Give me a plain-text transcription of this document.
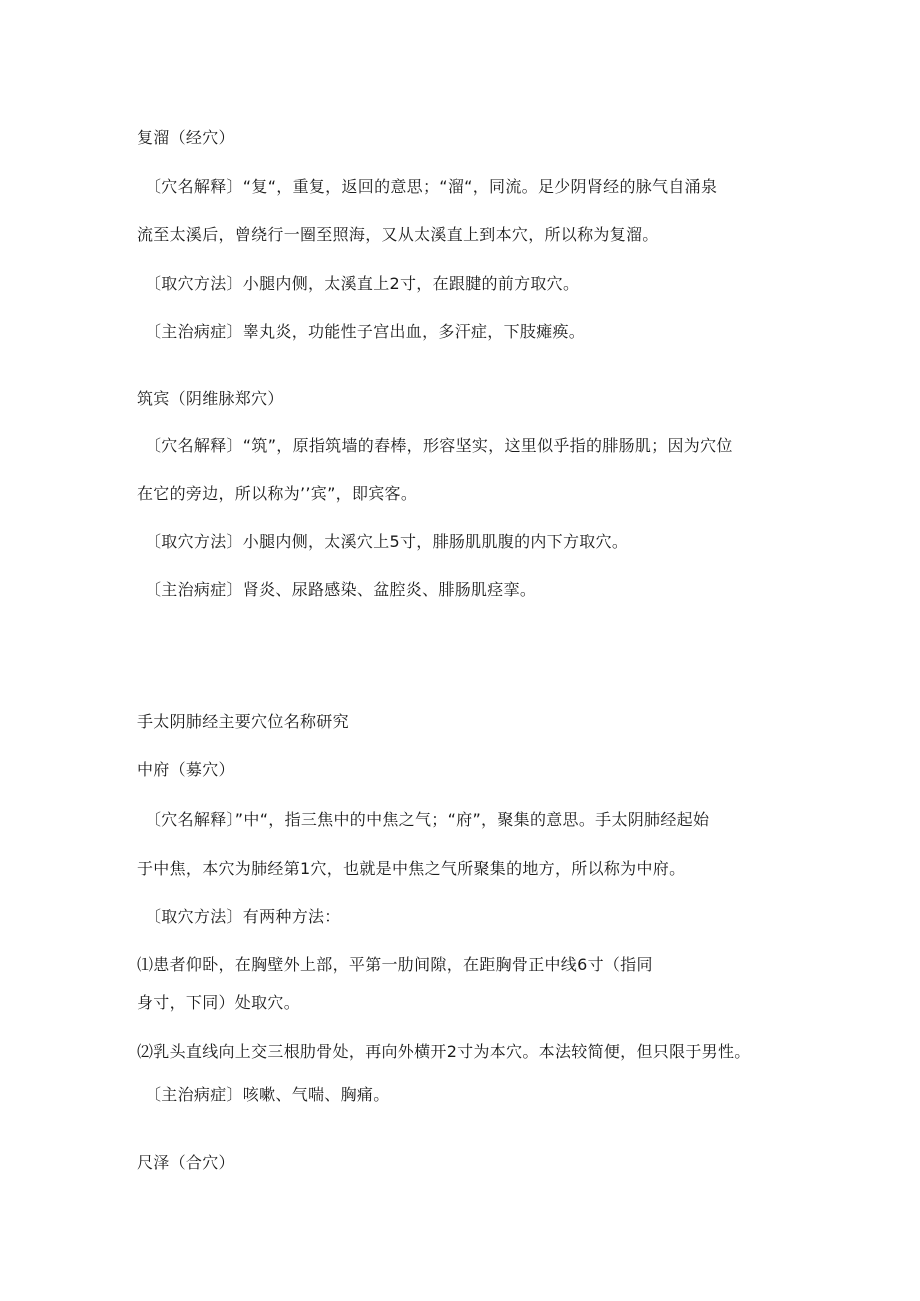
复溜（经穴）
〔穴名解释〕“复“，重复，返回的意思；“溜“，同流。足少阴肾经的脉气自涌泉
流至太溪后，曾绕行一圈至照海，又从太溪直上到本穴，所以称为复溜。
〔取穴方法〕小腿内侧，太溪直上2寸，在跟腱的前方取穴。
〔主治病症〕睾丸炎，功能性子宫出血，多汗症，下肢瘫痪。
筑宾（阴维脉郑穴）
〔穴名解释〕“筑”，原指筑墙的舂棒，形容坚实，这里似乎指的腓肠肌；因为穴位
在它的旁边，所以称为’’宾”，即宾客。
〔取穴方法〕小腿内侧，太溪穴上5寸，腓肠肌肌腹的内下方取穴。
〔主治病症〕肾炎、尿路感染、盆腔炎、腓肠肌痉挛。
手太阴肺经主要穴位名称研究
中府（募穴）
〔穴名解释〕”中“，指三焦中的中焦之气；“府”，聚集的意思。手太阴肺经起始
于中焦，本穴为肺经第1穴，也就是中焦之气所聚集的地方，所以称为中府。
〔取穴方法〕有两种方法：
⑴患者仰卧，在胸壁外上部，平第一肋间隙，在距胸骨正中线6寸（指同
身寸，下同）处取穴。
⑵乳头直线向上交三根肋骨处，再向外横开2寸为本穴。本法较简便，但只限于男性。
〔主治病症〕咳嗽、气喘、胸痛。
尺泽（合穴）
